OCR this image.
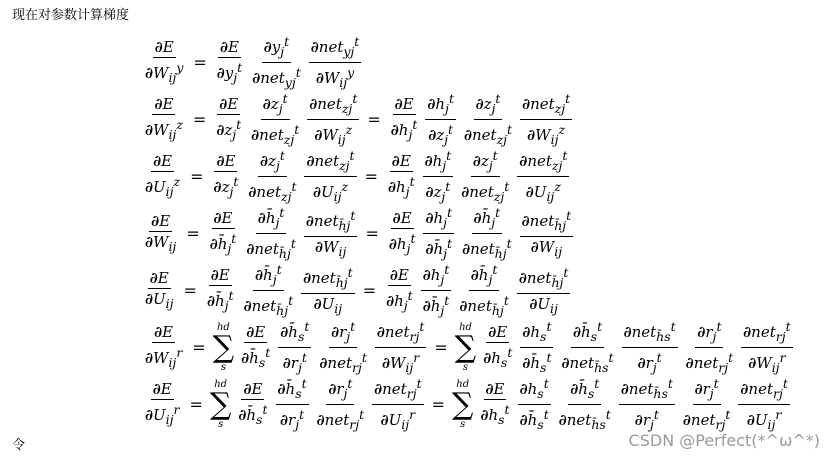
现在对参数计算梯度
$\frac{\partial E}{\partial W_{ij}^y} = \frac{\partial E}{\partial y_j^t} \frac{\partial y_j^t}{\partial net_{yj}^t} \frac{\partial net_{yj}^t}{\partial W_{ij}^y}$
$\frac{\partial E}{\partial W_{ij}^z} = \frac{\partial E}{\partial z_j^t} \frac{\partial z_j^t}{\partial net_{zj}^t} \frac{\partial net_{zj}^t}{\partial W_{ij}^z} = \frac{\partial E}{\partial h_j^t} \frac{\partial h_j^t}{\partial z_j^t} \frac{\partial z_j^t}{\partial net_{zj}^t} \frac{\partial net_{zj}^t}{\partial W_{ij}^z}$
$\frac{\partial E}{\partial U_{ij}^z} = \frac{\partial E}{\partial z_j^t} \frac{\partial z_j^t}{\partial net_{zj}^t} \frac{\partial net_{zj}^t}{\partial U_{ij}^z} = \frac{\partial E}{\partial h_j^t} \frac{\partial h_j^t}{\partial z_j^t} \frac{\partial z_j^t}{\partial net_{zj}^t} \frac{\partial net_{zj}^t}{\partial U_{ij}^z}$
$\frac{\partial E}{\partial W_{ij}} = \frac{\partial E}{\partial h̄_j^t} \frac{\partial h̄_j^t}{\partial net_{h̄j}^t} \frac{\partial net_{h̄j}^t}{\partial W_{ij}} = \frac{\partial E}{\partial h_j^t} \frac{\partial h_j^t}{\partial h̄_j^t} \frac{\partial h̄_j^t}{\partial net_{h̄j}^t} \frac{\partial net_{h̄j}^t}{\partial W_{ij}}$
$\frac{\partial E}{\partial U_{ij}} = \frac{\partial E}{\partial h̄_j^t} \frac{\partial h̄_j^t}{\partial net_{h̄j}^t} \frac{\partial net_{h̄j}^t}{\partial U_{ij}} = \frac{\partial E}{\partial h_j^t} \frac{\partial h_j^t}{\partial h̄_j^t} \frac{\partial h̄_j^t}{\partial net_{h̄j}^t} \frac{\partial net_{h̄j}^t}{\partial U_{ij}}$
$\frac{\partial E}{\partial W_{ij}^r}$ =
hd
∑
s $\frac{\partial E}{\partial h̄_s^t} \frac{\partial h̄_s^t}{\partial r_j^t} \frac{\partial r_j^t}{\partial net_{rj}^t} \frac{\partial net_{rj}^t}{\partial W_{ij}^r}$ =
hd
∑
s $\frac{\partial E}{\partial h_s^t} \frac{\partial h_s^t}{\partial h̄_s^t} \frac{\partial h̄_s^t}{\partial net_{h̄s}^t} \frac{\partial net_{h̄s}^t}{\partial r_j^t} \frac{\partial r_j^t}{\partial net_{rj}^t} \frac{\partial net_{rj}^t}{\partial W_{ij}^r}$
$\frac{\partial E}{\partial U_{ij}^r}$ =
hd
∑
s $\frac{\partial E}{\partial h̄_s^t} \frac{\partial h̄_s^t}{\partial r_j^t} \frac{\partial r_j^t}{\partial net_{rj}^t} \frac{\partial net_{rj}^t}{\partial U_{ij}^r}$ =
hd
∑
s $\frac{\partial E}{\partial h_s^t} \frac{\partial h_s^t}{\partial h̄_s^t} \frac{\partial h̄_s^t}{\partial net_{h̄s}^t} \frac{\partial net_{h̄s}^t}{\partial r_j^t} \frac{\partial r_j^t}{\partial net_{rj}^t} \frac{\partial net_{rj}^t}{\partial U_{ij}^r}$
令	CSDN @Perfect(*^ω^*)
